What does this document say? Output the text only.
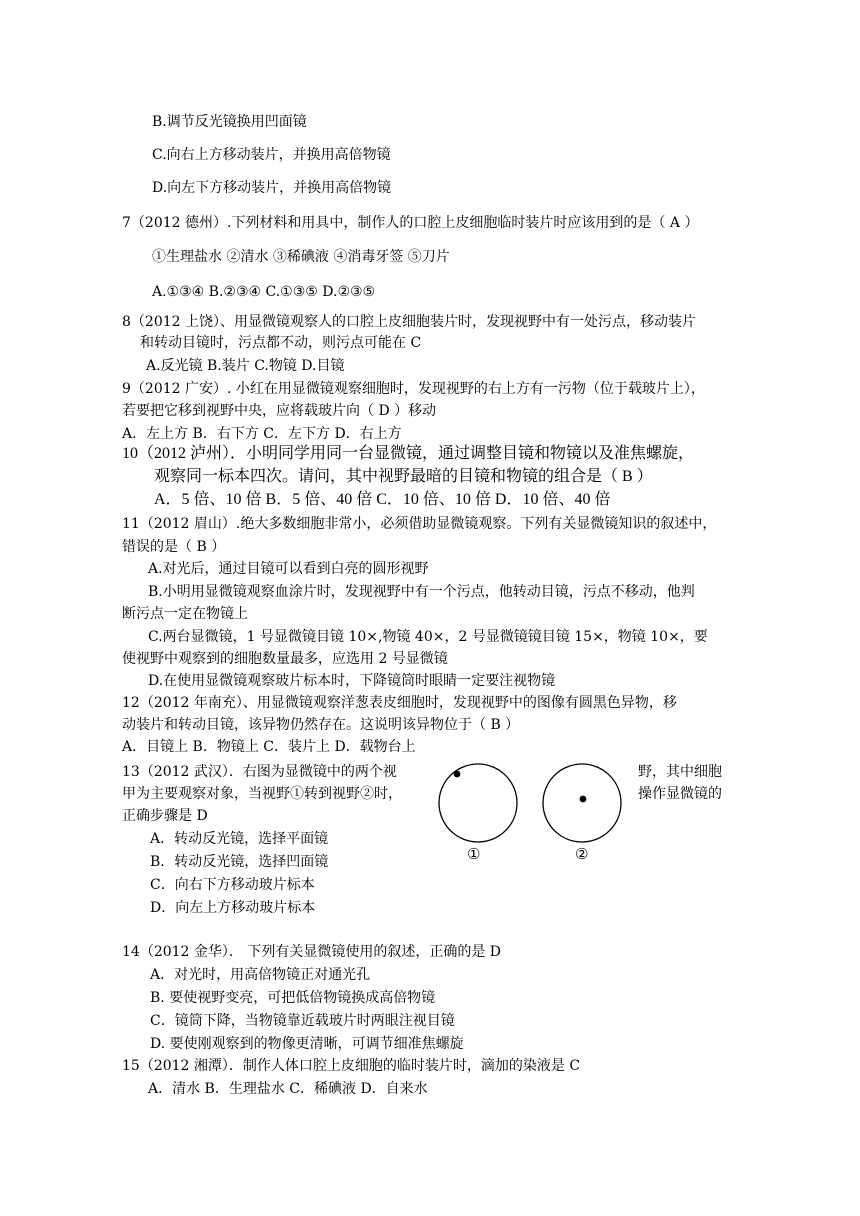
B.调节反光镜换用凹面镜
C.向右上方移动装片，并换用高倍物镜
D.向左下方移动装片，并换用高倍物镜
7（2012 德州）.下列材料和用具中，制作人的口腔上皮细胞临时装片时应该用到的是（ A ）
①生理盐水 ②清水 ③稀碘液 ④消毒牙签 ⑤刀片
A.①③④ B.②③④ C.①③⑤ D.②③⑤
8（2012 上饶）、用显微镜观察人的口腔上皮细胞装片时，发现视野中有一处污点，移动装片
和转动目镜时，污点都不动，则污点可能在 C
A.反光镜 B.装片 C.物镜 D.目镜
9（2012 广安）. 小红在用显微镜观察细胞时，发现视野的右上方有一污物（位于载玻片上），
若要把它移到视野中央，应将载玻片向（ D ）移动
A．左上方 B．右下方 C．左下方 D．右上方
10（2012 泸州）．小明同学用同一台显微镜，通过调整目镜和物镜以及准焦螺旋，
观察同一标本四次。请问，其中视野最暗的目镜和物镜的组合是（ B ）
A．5 倍、10 倍 B．5 倍、40 倍 C．10 倍、10 倍 D．10 倍、40 倍
11（2012 眉山）.绝大多数细胞非常小，必须借助显微镜观察。下列有关显微镜知识的叙述中，
错误的是（ B ）
A.对光后，通过目镜可以看到白亮的圆形视野
B.小明用显微镜观察血涂片时，发现视野中有一个污点，他转动目镜，污点不移动，他判
断污点一定在物镜上
C.两台显微镜，1 号显微镜目镜 10×,物镜 40×，2 号显微镜镜目镜 15×，物镜 10×，要
使视野中观察到的细胞数量最多，应选用 2 号显微镜
D.在使用显微镜观察玻片标本时，下降镜筒时眼睛一定要注视物镜
12（2012 年南充）、用显微镜观察洋葱表皮细胞时，发现视野中的图像有圆黑色异物，移
动装片和转动目镜，该异物仍然存在。这说明该异物位于（ B ）
A．目镜上 B．物镜上 C．装片上 D．载物台上
13（2012 武汉）．右图为显微镜中的两个视	野，其中细胞
甲为主要观察对象，当视野①转到视野②时，	操作显微镜的
正确步骤是 D
A．转动反光镜，选择平面镜
B．转动反光镜，选择凹面镜
C．向右下方移动玻片标本
D．向左上方移动玻片标本
①	②
14（2012 金华）． 下列有关显微镜使用的叙述，正确的是 D
A．对光时，用高倍物镜正对通光孔
B. 要使视野变亮，可把低倍物镜换成高倍物镜
C．镜筒下降，当物镜靠近载玻片时两眼注视目镜
D. 要使刚观察到的物像更清晰，可调节细准焦螺旋
15（2012 湘潭）．制作人体口腔上皮细胞的临时装片时，滴加的染液是 C
A．清水 B．生理盐水 C．稀碘液 D．自来水
